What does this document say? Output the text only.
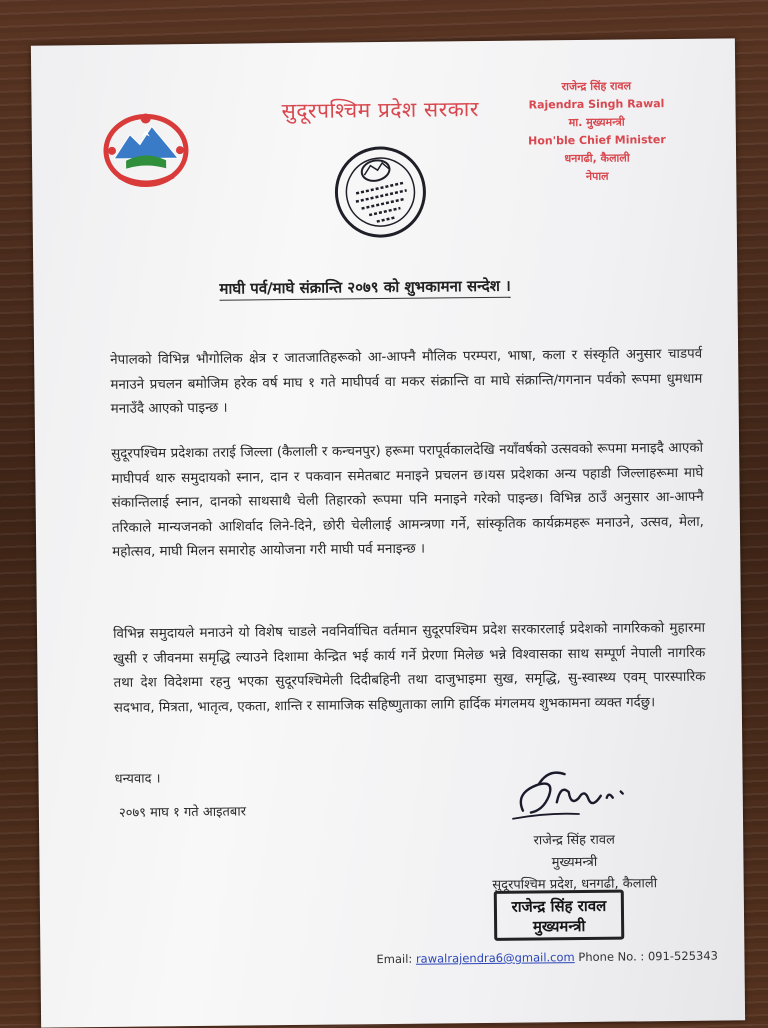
सुदूरपश्चिम प्रदेश सरकार
राजेन्द्र सिंह रावल
Rajendra Singh Rawal
मा. मुख्यमन्त्री
Hon'ble Chief Minister
धनगढी, कैलाली
नेपाल
माघी पर्व/माघे संक्रान्ति २०७९ को शुभकामना सन्देश ।
नेपालको विभिन्न भौगोलिक क्षेत्र र जातजातिहरूको आ-आफ्नै मौलिक परम्परा, भाषा, कला र संस्कृति अनुसार चाडपर्व मनाउने प्रचलन बमोजिम हरेक वर्ष माघ १ गते माघीपर्व वा मकर संक्रान्ति वा माघे संक्रान्ति/गगनान पर्वको रूपमा धुमधाम मनाउँदै आएको पाइन्छ ।
सुदूरपश्चिम प्रदेशका तराई जिल्ला (कैलाली र कन्चनपुर) हरूमा परापूर्वकालदेखि नयाँवर्षको उत्सवको रूपमा मनाइदै आएको माघीपर्व थारु समुदायको स्नान, दान र पकवान समेतबाट मनाइने प्रचलन छ।यस प्रदेशका अन्य पहाडी जिल्लाहरूमा माघे संकान्तिलाई स्नान, दानको साथसाथै चेली तिहारको रूपमा पनि मनाइने गरेको पाइन्छ। विभिन्न ठाउँ अनुसार आ-आफ्नै तरिकाले मान्यजनको आशिर्वाद लिने-दिने, छोरी चेलीलाई आमन्त्रणा गर्ने, सांस्कृतिक कार्यक्रमहरू मनाउने, उत्सव, मेला, महोत्सव, माघी मिलन समारोह आयोजना गरी माघी पर्व मनाइन्छ ।
विभिन्न समुदायले मनाउने यो विशेष चाडले नवनिर्वाचित वर्तमान सुदूरपश्चिम प्रदेश सरकारलाई प्रदेशको नागरिकको मुहारमा खुसी र जीवनमा समृद्धि ल्याउने दिशामा केन्द्रित भई कार्य गर्ने प्रेरणा मिलेछ भन्ने विश्वासका साथ सम्पूर्ण नेपाली नागरिक तथा देश विदेशमा रहनु भएका सुदूरपश्चिमेली दिदीबहिनी तथा दाजुभाइमा सुख, समृद्धि, सु-स्वास्थ्य एवम् पारस्पारिक सदभाव, मित्रता, भातृत्व, एकता, शान्ति र सामाजिक सहिष्णुताका लागि हार्दिक मंगलमय शुभकामना व्यक्त गर्दछु।
धन्यवाद ।
२०७९ माघ १ गते आइतबार
राजेन्द्र सिंह रावल
मुख्यमन्त्री
सुदूरपश्चिम प्रदेश, धनगढी, कैलाली
राजेन्द्र सिंह रावल
मुख्यमन्त्री
Email: rawalrajendra6@gmail.com Phone No. : 091-525343
